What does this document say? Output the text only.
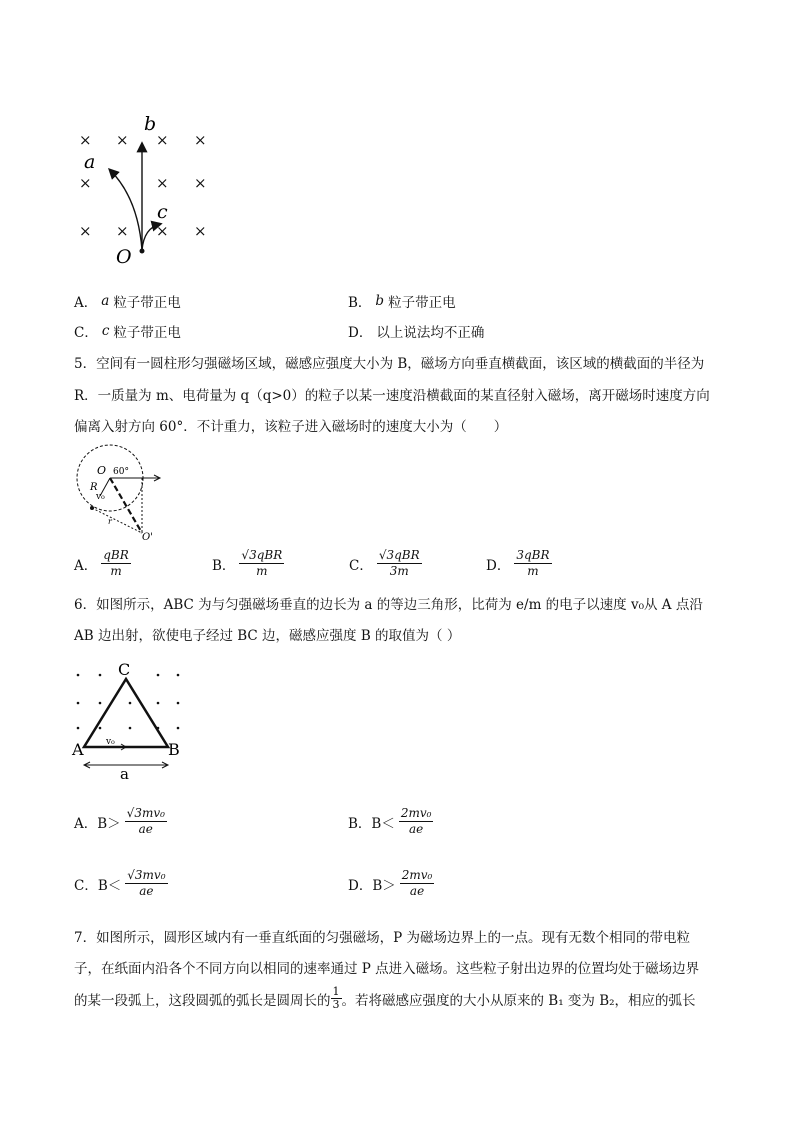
× × × ×
×	× ×
× × × ×
b
a
c
O
A． a 粒子带正电	B． b 粒子带正电
C． c 粒子带正电	D． 以上说法均不正确
5．空间有一圆柱形匀强磁场区域，磁感应强度大小为 B，磁场方向垂直横截面，该区域的横截面的半径为
R．一质量为 m、电荷量为 q（q>0）的粒子以某一速度沿横截面的某直径射入磁场，离开磁场时速度方向
偏离入射方向 60°．不计重力，该粒子进入磁场时的速度大小为（　　）
O 60°
R
v₀
r
O'
A． $\frac{\text{qBR}}{m}$	B． $\frac{\text{√3qBR}}{m}$	C． $\frac{\text{√3qBR}}{3m}$	D． $\frac{\text{3qBR}}{m}$
6．如图所示，ABC 为与匀强磁场垂直的边长为 a 的等边三角形，比荷为 e/m 的电子以速度 v₀从 A 点沿
AB 边出射，欲使电子经过 BC 边，磁感应强度 B 的取值为（ ）
A	B
C
v₀
a
A．$B> \frac{\text{√3mv₀}}{ae}$	B．$B< \frac{\text{2mv₀}}{ae}$
C．$B< \frac{\text{√3mv₀}}{ae}$	D．$B> \frac{\text{2mv₀}}{ae}$
7．如图所示，圆形区域内有一垂直纸面的匀强磁场，P 为磁场边界上的一点。现有无数个相同的带电粒
子，在纸面内沿各个不同方向以相同的速率通过 P 点进入磁场。这些粒子射出边界的位置均处于磁场边界
的某一段弧上，这段圆弧的弧长是圆周长的 $\frac{1}{3}$ 。若将磁感应强度的大小从原来的 B₁ 变为 B₂，相应的弧长
